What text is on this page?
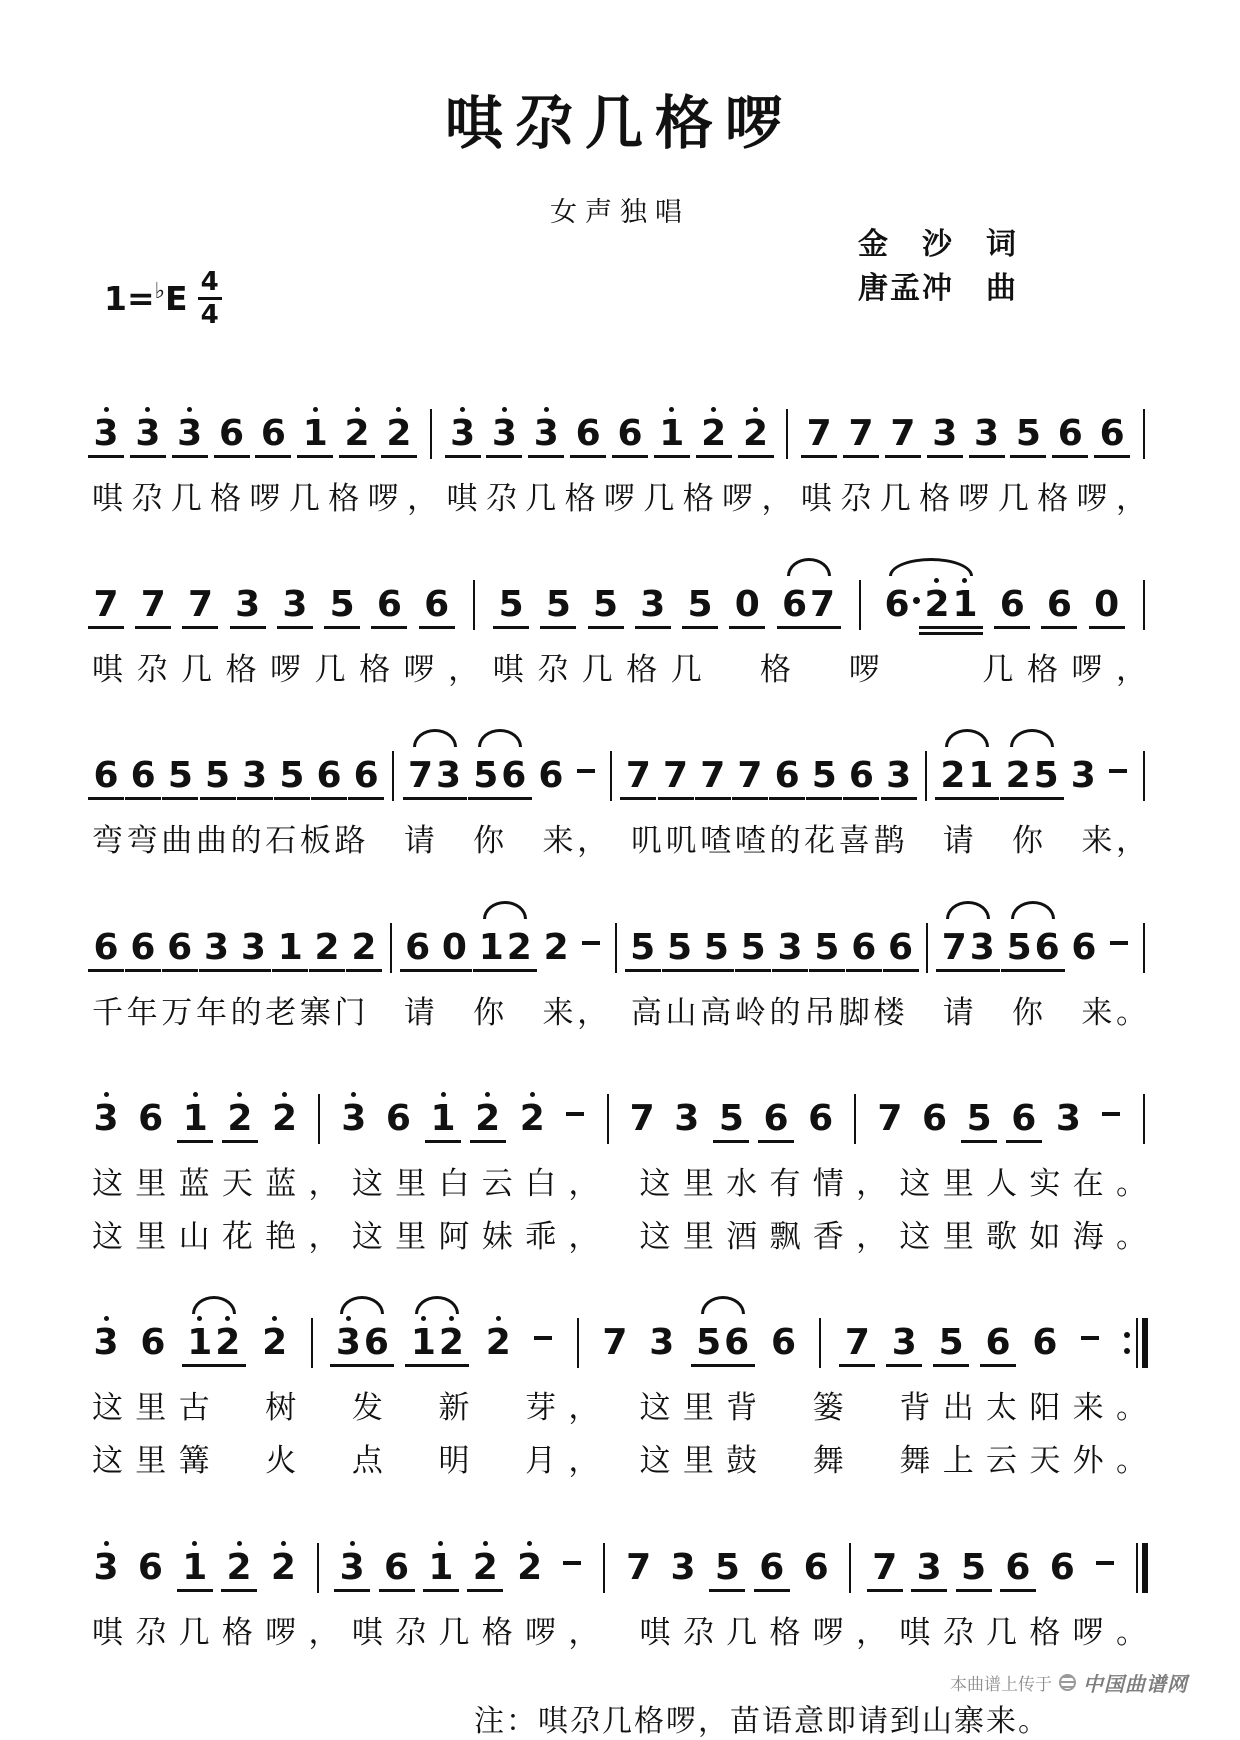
唭尕几格啰
女声独唱
金　沙　词
唐孟冲　曲
1=♭E 4
4
3 3 3 6 6 1 2 2 3 3 3 6 6 1 2 2 7 7 7 3 3 5 6 6
唭尕几格啰几格啰，唭尕几格啰几格啰，唭尕几格啰几格啰，
7 7 7 3 3 5 6 6 5 5 5 3 5 0 6 7 6 2 1 6 6 0
唭尕几格啰几格啰，唭尕几格几　格　啰　　几格啰，
6 6 5 5 3 5 6 6 7 3 5 6 6 7 7 7 7 6 5 6 3 2 1 2 5 3
弯弯曲曲的石板路　请　你　来，　叽叽喳喳的花喜鹊　请　你　来，
6 6 6 3 3 1 2 2 6 0 1 2 2 5 5 5 5 3 5 6 6 7 3 5 6 6
千年万年的老寨门　请　你　来，　高山高岭的吊脚楼　请　你　来。
3 6 1 2 2 3 6 1 2 2 7 3 5 6 6 7 6 5 6 3
这里蓝天蓝，这里白云白，　这里水有情，这里人实在。
这里山花艳，这里阿妹乖，　这里酒飘香，这里歌如海。
3 6 1 2 2 3 6 1 2 2	7 3 5 6 6 7 3 5 6 6
这里古　树　发　新　芽，　这里背　篓　背出太阳来。
这里篝　火　点　明　月，　这里鼓　舞　舞上云天外。
3 6 1 2 2 3 6 1 2 2 7 3 5 6 6 7 3 5 6 6
唭尕几格啰，唭尕几格啰，　唭尕几格啰，唭尕几格啰。
注：唭尕几格啰，苗语意即请到山寨来。
本曲谱上传于 中国曲谱网
